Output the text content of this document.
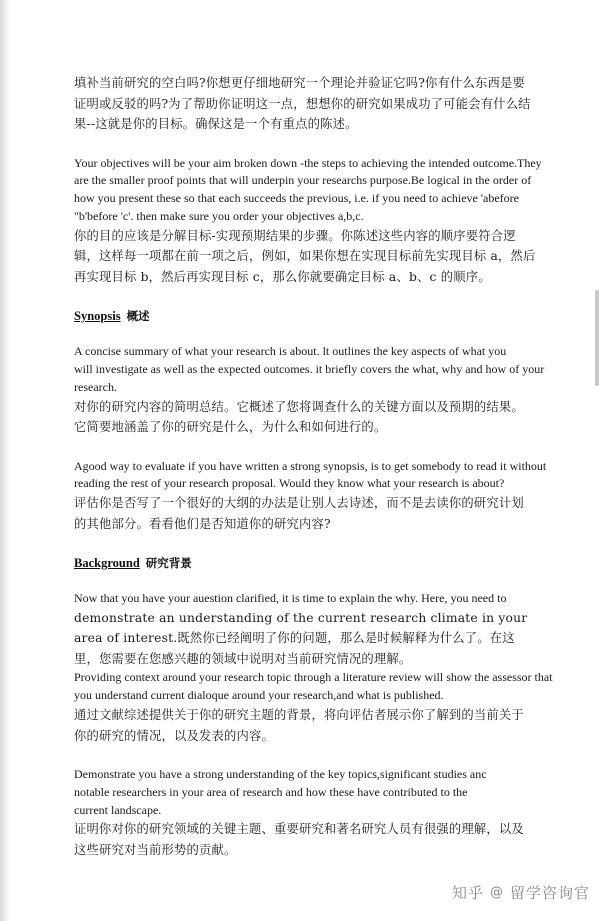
填补当前研究的空白吗?你想更仔细地研究一个理论并验证它吗?你有什么东西是要证明或反驳的吗?为了帮助你证明这一点，想想你的研究如果成功了可能会有什么结果--这就是你的目标。确保这是一个有重点的陈述。

Your objectives will be your aim broken down -the steps to achieving the intended outcome.They
are the smaller proof points that will underpin your researchs purpose.Be logical in the order of
how you present these so that each succeeds the previous, i.e. if you need to achieve 'abefore
"b'before 'c'. then make sure you order your objectives a,b,c.

你的目的应该是分解目标-实现预期结果的步骤。你陈述这些内容的顺序要符合逻辑，这样每一项都在前一项之后，例如，如果你想在实现目标前先实现目标 a，然后再实现目标 b，然后再实现目标 c，那么你就要确定目标 a、b、c 的顺序。

Synopsis 概述

A concise summary of what your research is about. lt outlines the key aspects of what you
will investigate as well as the expected outcomes. it briefly covers the what, why and how of your
research.

对你的研究内容的简明总结。它概述了您将调查什么的关键方面以及预期的结果。它简要地涵盖了你的研究是什么，为什么和如何进行的。

Agood way to evaluate if you have written a strong synopsis, is to get somebody to read it without
reading the rest of your research proposal. Would they know what your research is about?

评估你是否写了一个很好的大纲的办法是让别人去诗述，而不是去读你的研究计划的其他部分。看看他们是否知道你的研究内容?

Background 研究背景

Now that you have your auestion clarified, it is time to explain the why. Here, you need to

demonstrate an understanding of the current research climate in your area of interest.既然你已经阐明了你的问题，那么是时候解释为什么了。在这里，您需要在您感兴趣的领域中说明对当前研究情况的理解。

Providing context around your research topic through a literature review will show the assessor that
you understand current dialoque around your research,and what is published.

通过文献综述提供关于你的研究主题的背景，将向评估者展示你了解到的当前关于你的研究的情况，以及发表的内容。

Demonstrate you have a strong understanding of the key topics,significant studies anc
notable researchers in your area of research and how these have contributed to the
current landscape.

证明你对你的研究领域的关键主题、重要研究和著名研究人员有很强的理解，以及这些研究对当前形势的贡献。

知乎 @ 留学咨询官
